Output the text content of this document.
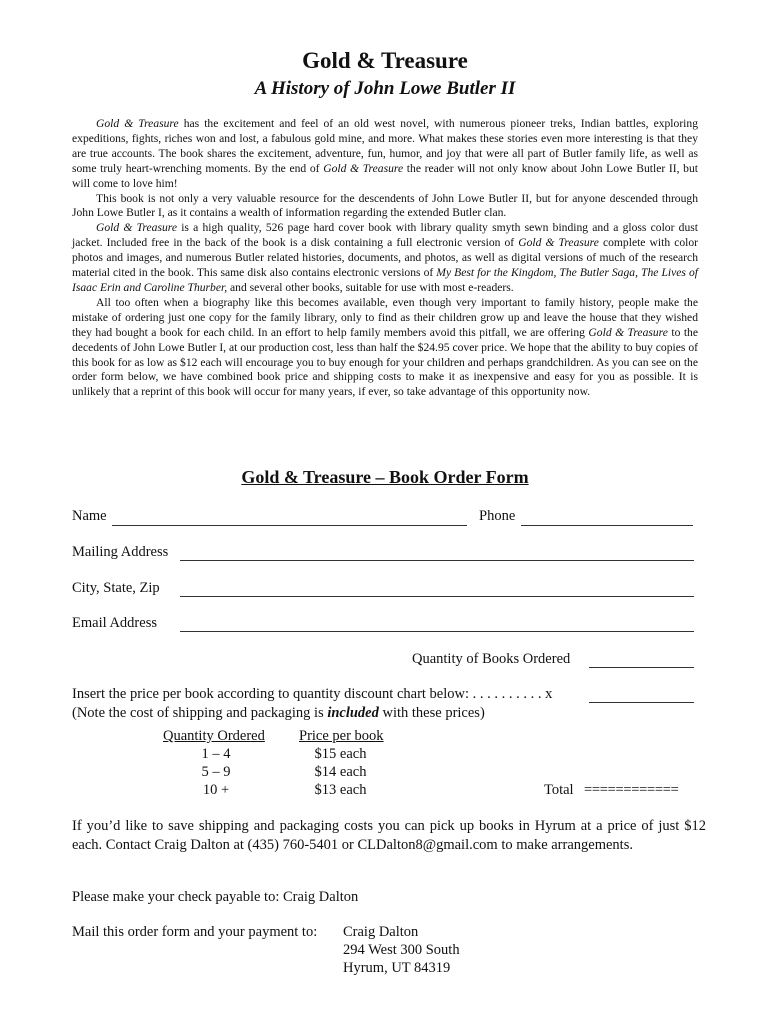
Gold & Treasure
A History of John Lowe Butler II

Gold & Treasure has the excitement and feel of an old west novel, with numerous pioneer treks, Indian battles, exploring expeditions, fights, riches won and lost, a fabulous gold mine, and more. What makes these stories even more interesting is that they are true accounts. The book shares the excitement, adventure, fun, humor, and joy that were all part of Butler family life, as well as some truly heart-wrenching moments. By the end of Gold & Treasure the reader will not only know about John Lowe Butler II, but will come to love him!

This book is not only a very valuable resource for the descendents of John Lowe Butler II, but for anyone descended through John Lowe Butler I, as it contains a wealth of information regarding the extended Butler clan.

Gold & Treasure is a high quality, 526 page hard cover book with library quality smyth sewn binding and a gloss color dust jacket. Included free in the back of the book is a disk containing a full electronic version of Gold & Treasure complete with color photos and images, and numerous Butler related histories, documents, and photos, as well as digital versions of much of the research material cited in the book. This same disk also contains electronic versions of My Best for the Kingdom, The Butler Saga, The Lives of Isaac Erin and Caroline Thurber, and several other books, suitable for use with most e-readers.

All too often when a biography like this becomes available, even though very important to family history, people make the mistake of ordering just one copy for the family library, only to find as their children grow up and leave the house that they wished they had bought a book for each child. In an effort to help family members avoid this pitfall, we are offering Gold & Treasure to the decedents of John Lowe Butler I, at our production cost, less than half the $24.95 cover price. We hope that the ability to buy copies of this book for as low as $12 each will encourage you to buy enough for your children and perhaps grandchildren. As you can see on the order form below, we have combined book price and shipping costs to make it as inexpensive and easy for you as possible. It is unlikely that a reprint of this book will occur for many years, if ever, so take advantage of this opportunity now.

Gold & Treasure – Book Order Form
Name	Phone
Mailing Address
City, State, Zip
Email Address
Quantity of Books Ordered
Insert the price per book according to quantity discount chart below: . . . . . . . . . . x
(Note the cost of shipping and packaging is included with these prices)
Quantity Ordered Price per book
1 – 4	$15 each
5 – 9	$14 each
10 +	$13 each	Total ============
If you’d like to save shipping and packaging costs you can pick up books in Hyrum at a price of just $12 each. Contact Craig Dalton at (435) 760-5401 or CLDalton8@gmail.com to make arrangements.
Please make your check payable to: Craig Dalton
Mail this order form and your payment to: Craig Dalton
294 West 300 South
Hyrum, UT 84319
